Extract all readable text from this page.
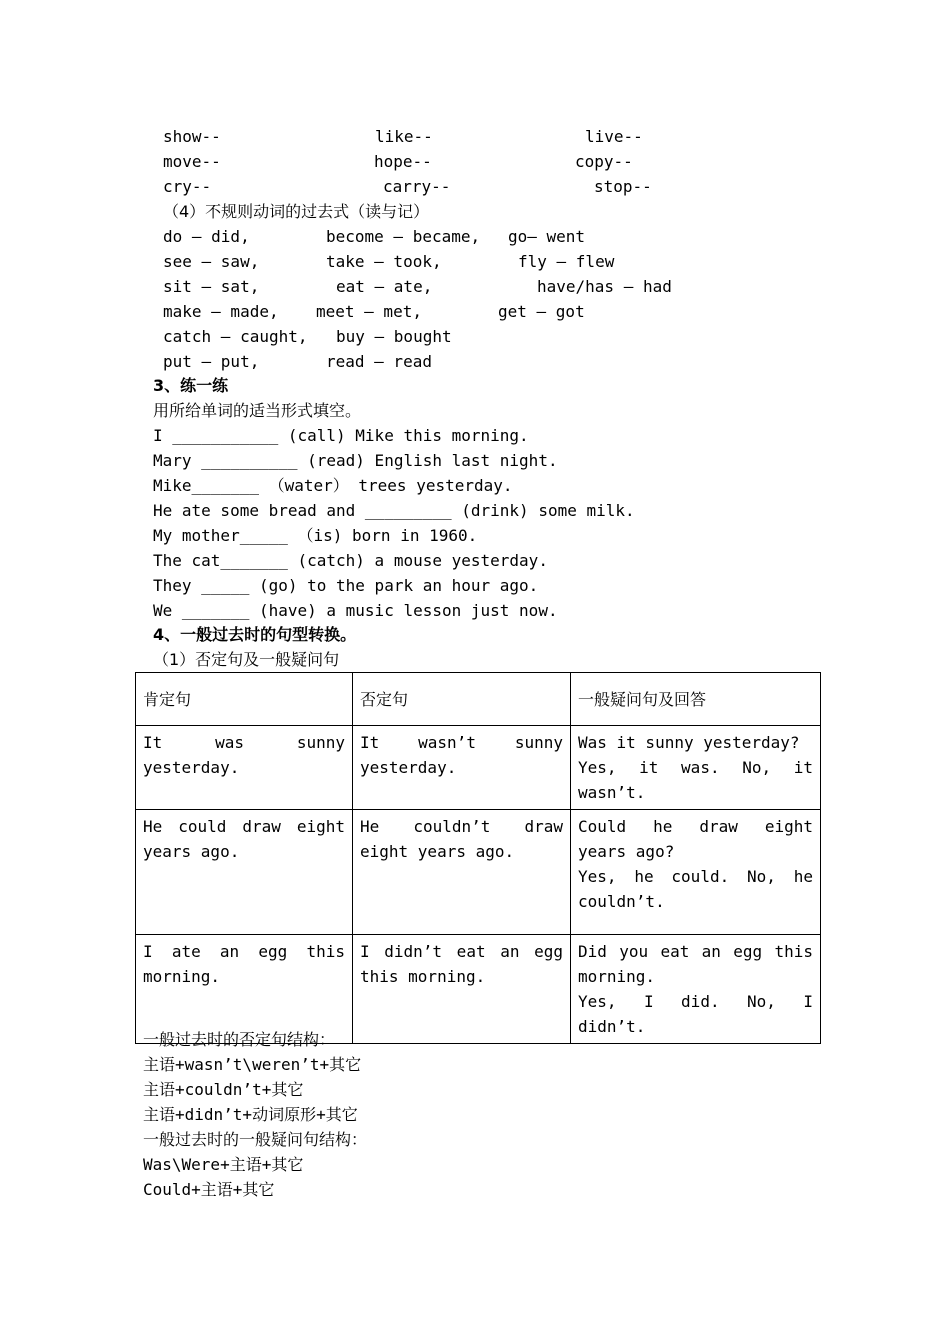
show--	like--	live--
move--	hope--	copy--
cry--	carry--	stop--
（4）不规则动词的过去式（读与记）
do — did,	become — became, go— went
see — saw,	take — took,	fly — flew
sit — sat,	eat — ate,	have/has — had
make — made, meet — met,	get — got
catch — caught, buy — bought
put — put,	read — read
3、练一练
用所给单词的适当形式填空。
I ___________ (call) Mike this morning.
Mary __________ (read) English last night.
Mike_______ （water） trees yesterday.
He ate some bread and _________ (drink) some milk.
My mother_____ （is) born in 1960.
The cat_______ (catch) a mouse yesterday.
They _____ (go) to the park an hour ago.
We _______ (have) a music lesson just now.
4、一般过去时的句型转换。
（1）否定句及一般疑问句
肯定句	否定句	一般疑问句及回答
It was sunny yesterday.	It wasn’t sunny yesterday.	Was it sunny yesterday?
Yes, it was. No, it wasn’t.

He could draw eight years ago.	He couldn’t draw eight years ago.	Could he draw eight years ago?
Yes, he could. No, he couldn’t.

I ate an egg this morning.	I didn’t eat an egg this morning.	Did you eat an egg this morning.
Yes, I did. No, I didn’t.
一般过去时的否定句结构：
主语+wasn’t\weren’t+其它
主语+couldn’t+其它
主语+didn’t+动词原形+其它
一般过去时的一般疑问句结构：
Was\Were+主语+其它
Could+主语+其它
